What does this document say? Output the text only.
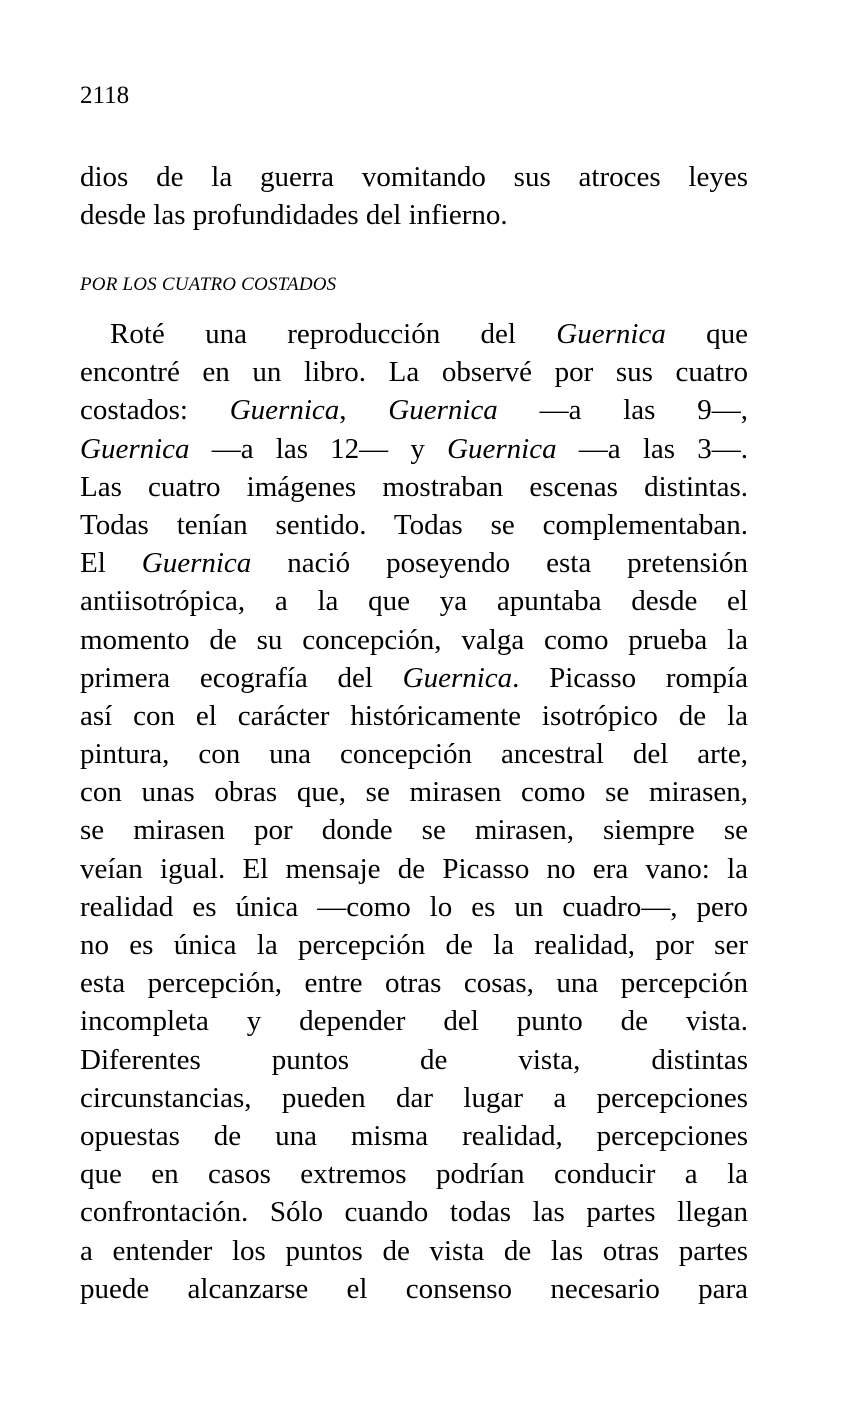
2118
dios de la guerra vomitando sus atroces leyes
desde las profundidades del infierno.
POR LOS CUATRO COSTADOS
Roté una reproducción del Guernica que
encontré en un libro. La observé por sus cuatro
costados: Guernica, Guernica —a las 9—,
Guernica —a las 12— y Guernica —a las 3—.
Las cuatro imágenes mostraban escenas distintas.
Todas tenían sentido. Todas se complementaban.
El Guernica nació poseyendo esta pretensión
antiisotrópica, a la que ya apuntaba desde el
momento de su concepción, valga como prueba la
primera ecografía del Guernica. Picasso rompía
así con el carácter históricamente isotrópico de la
pintura, con una concepción ancestral del arte,
con unas obras que, se mirasen como se mirasen,
se mirasen por donde se mirasen, siempre se
veían igual. El mensaje de Picasso no era vano: la
realidad es única —como lo es un cuadro—, pero
no es única la percepción de la realidad, por ser
esta percepción, entre otras cosas, una percepción
incompleta y depender del punto de vista.
Diferentes puntos de vista, distintas
circunstancias, pueden dar lugar a percepciones
opuestas de una misma realidad, percepciones
que en casos extremos podrían conducir a la
confrontación. Sólo cuando todas las partes llegan
a entender los puntos de vista de las otras partes
puede alcanzarse el consenso necesario para
